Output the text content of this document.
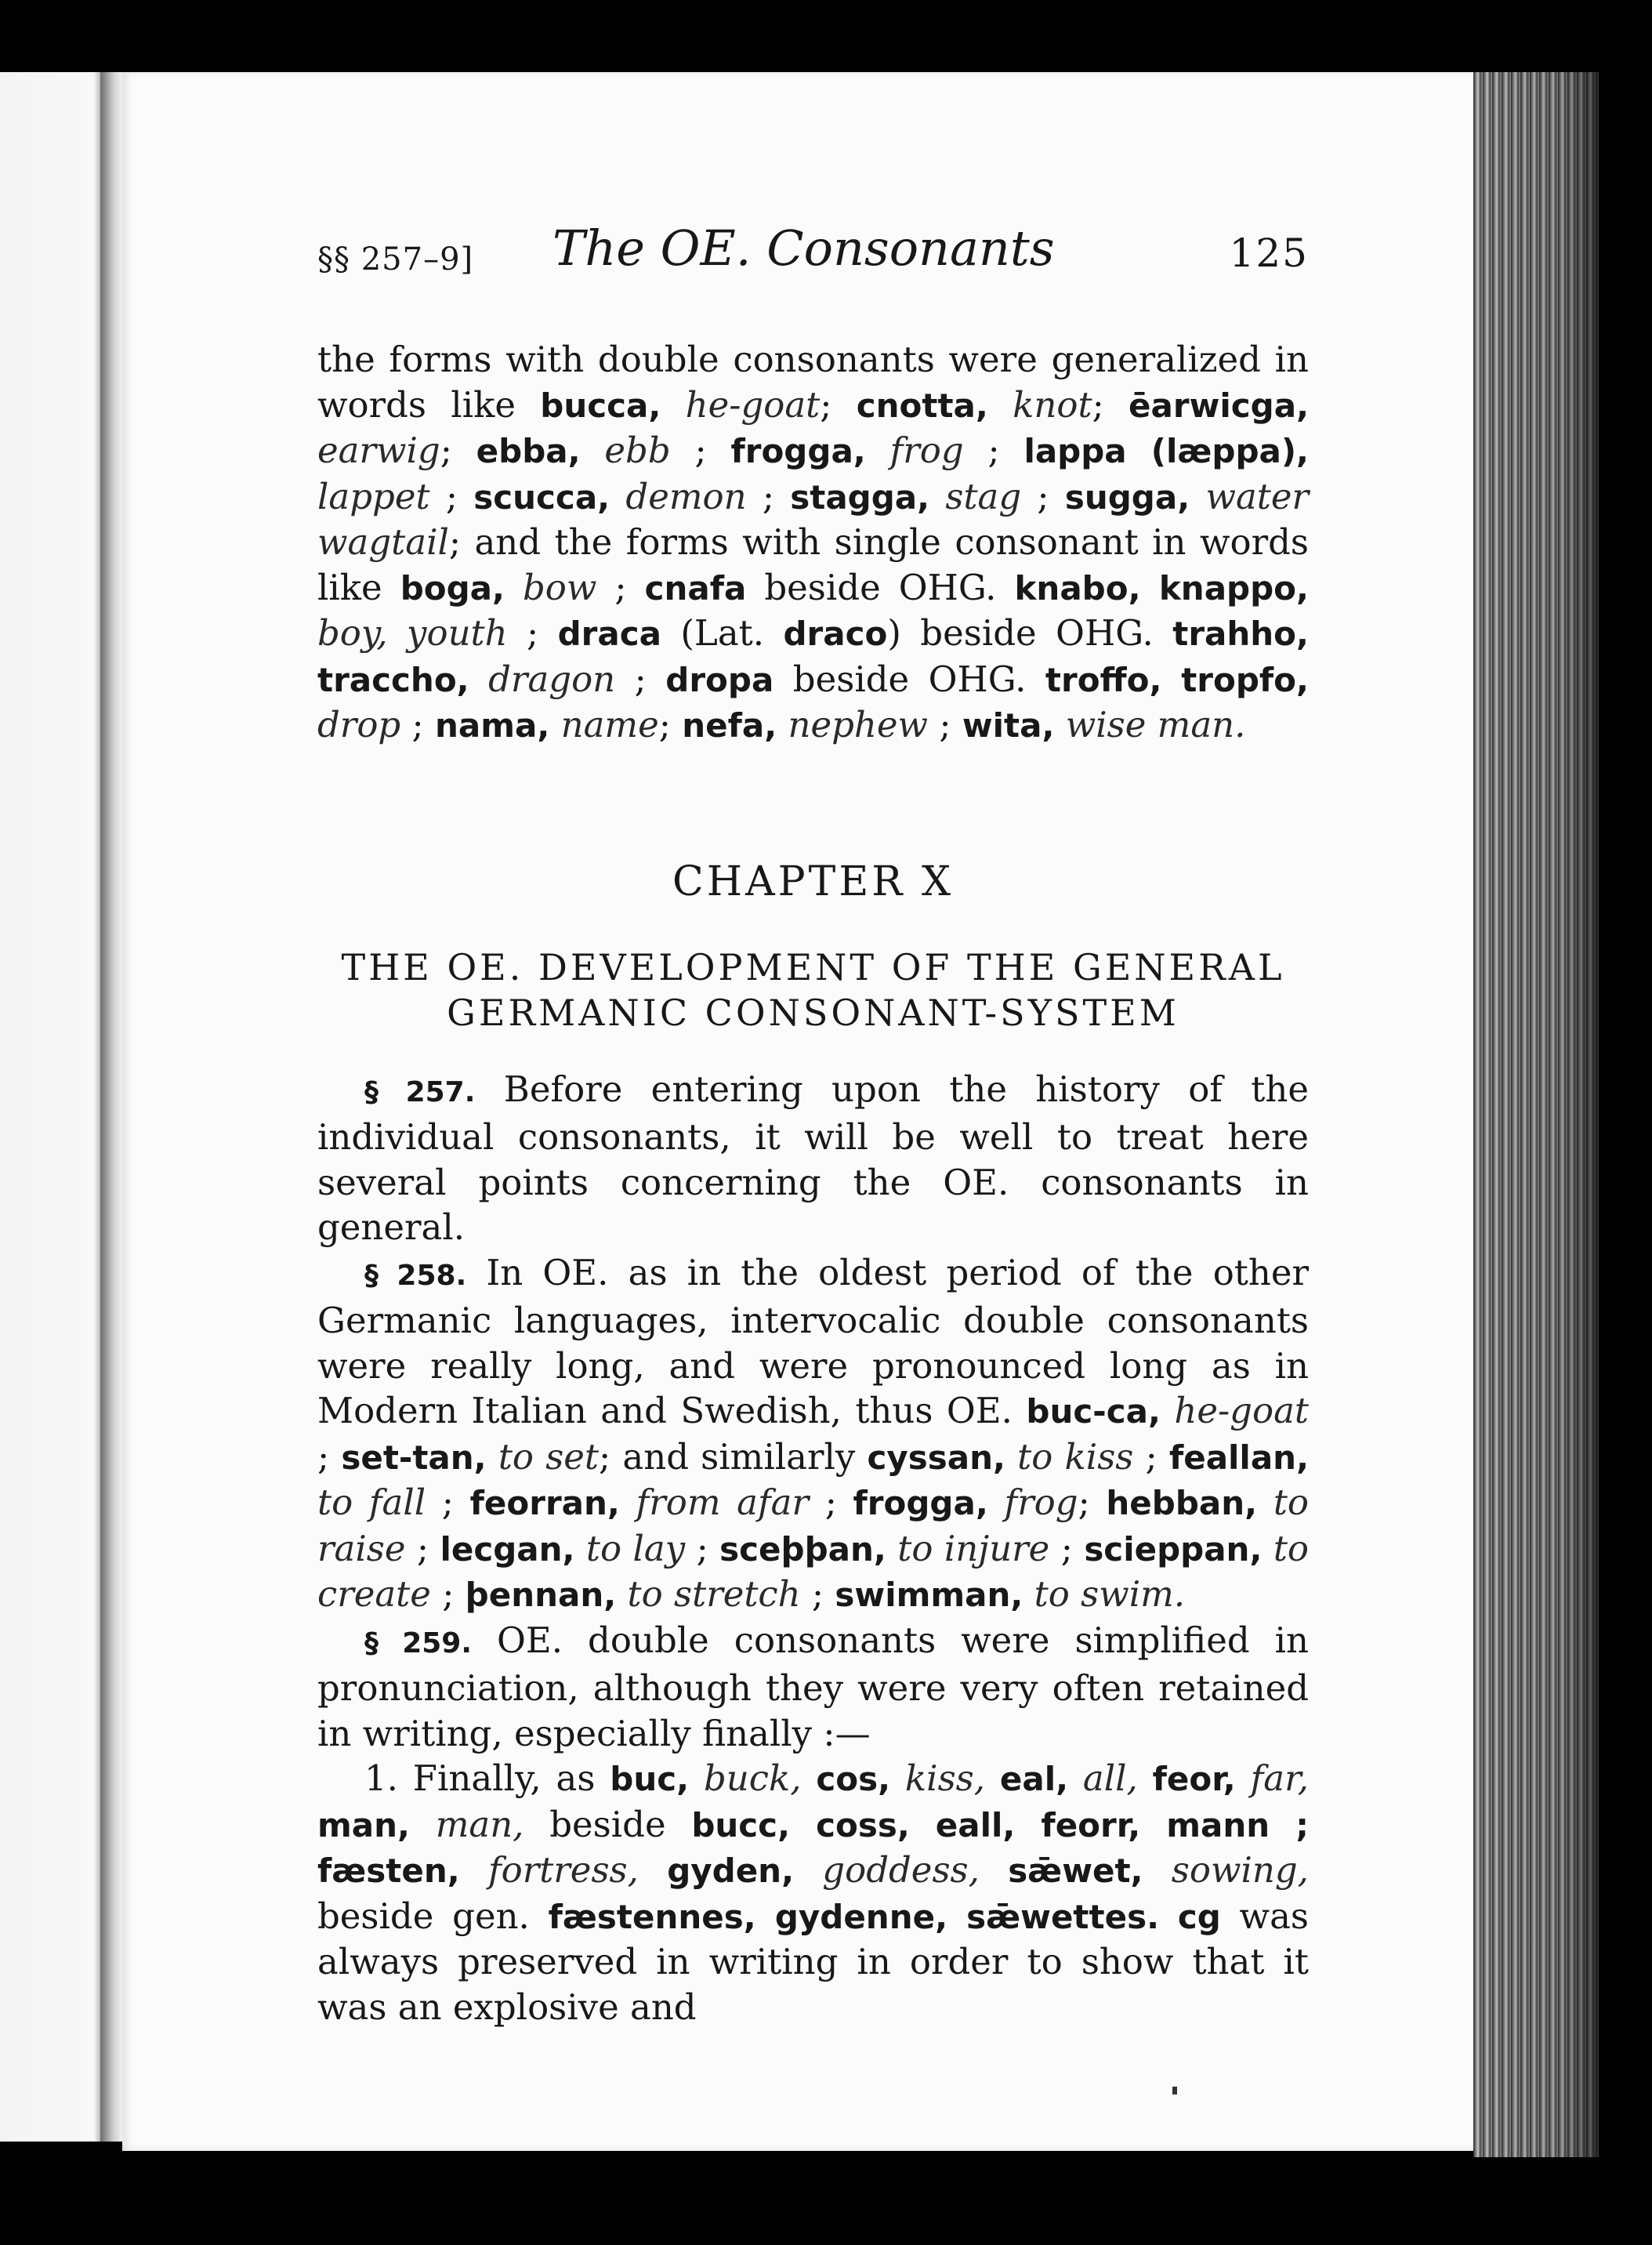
§§ 257–9] The OE. Consonants	125

the forms with double consonants were generalized in words like bucca, he-goat; cnotta, knot; ēarwicga, earwig; ebba, ebb ; frogga, frog ; lappa (læppa), lappet ; scucca, demon ; stagga, stag ; sugga, water wagtail; and the forms with single consonant in words like boga, bow ; cnafa beside OHG. knabo, knappo, boy, youth ; draca (Lat. draco) beside OHG. trahho, traccho, dragon ; dropa beside OHG. troffo, tropfo, drop ; nama, name; nefa, nephew ; wita, wise man.

CHAPTER X
THE OE. DEVELOPMENT OF THE GENERAL
GERMANIC CONSONANT-SYSTEM

§ 257. Before entering upon the history of the individual consonants, it will be well to treat here several points concerning the OE. consonants in general.

§ 258. In OE. as in the oldest period of the other Germanic languages, intervocalic double consonants were really long, and were pronounced long as in Modern Italian and Swedish, thus OE. buc-ca, he-goat ; set-tan, to set; and similarly cyssan, to kiss ; feallan, to fall ; feorran, from afar ; frogga, frog; hebban, to raise ; lecgan, to lay ; sceþþan, to injure ; scieppan, to create ; þennan, to stretch ; swimman, to swim.

§ 259. OE. double consonants were simplified in pronunciation, although they were very often retained in writing, especially finally :—

1. Finally, as buc, buck, cos, kiss, eal, all, feor, far, man, man, beside bucc, coss, eall, feorr, mann ; fæsten, fortress, gyden, goddess, sǣwet, sowing, beside gen. fæstennes, gydenne, sǣwettes. cg was always preserved in writing in order to show that it was an explosive and
